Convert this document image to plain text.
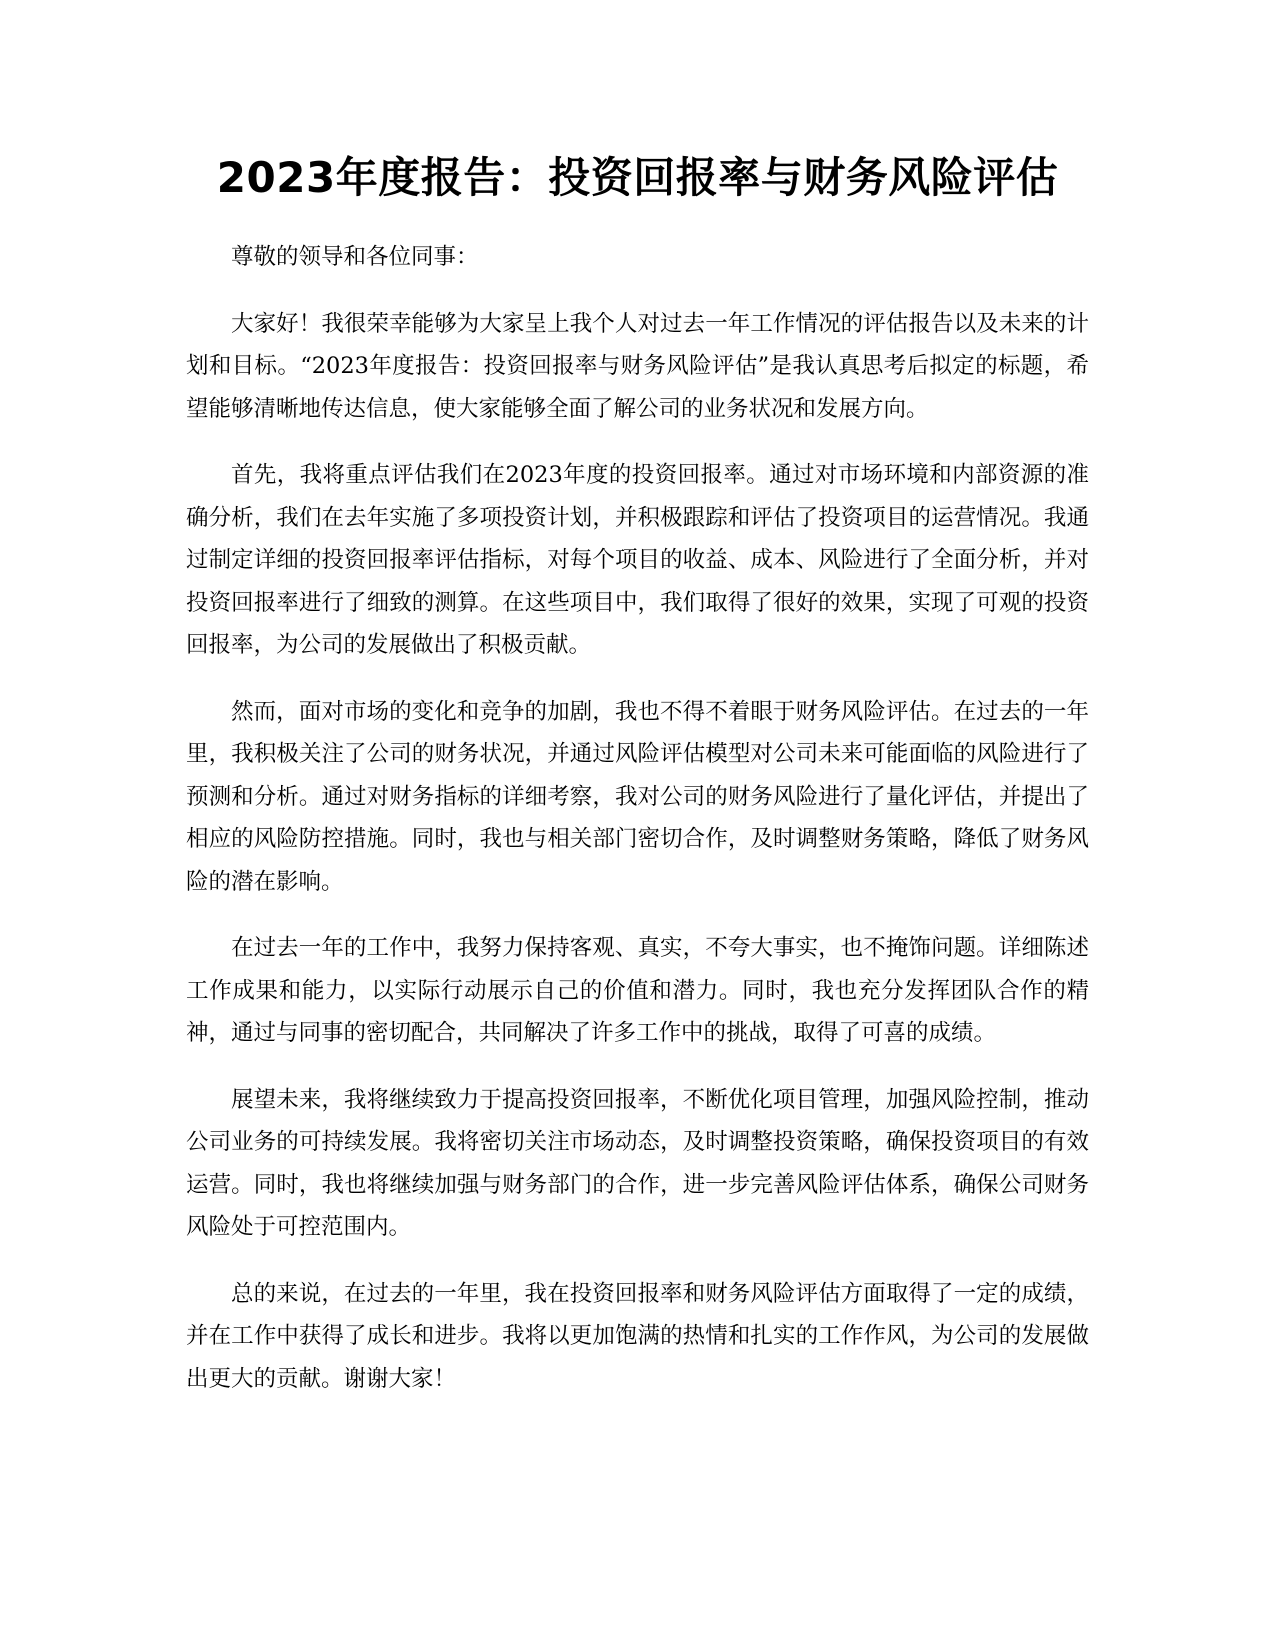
2023年度报告：投资回报率与财务风险评估

尊敬的领导和各位同事：

大家好！我很荣幸能够为大家呈上我个人对过去一年工作情况的评估报告以及未来的计划和目标。“2023年度报告：投资回报率与财务风险评估”是我认真思考后拟定的标题，希望能够清晰地传达信息，使大家能够全面了解公司的业务状况和发展方向。

首先，我将重点评估我们在2023年度的投资回报率。通过对市场环境和内部资源的准确分析，我们在去年实施了多项投资计划，并积极跟踪和评估了投资项目的运营情况。我通过制定详细的投资回报率评估指标，对每个项目的收益、成本、风险进行了全面分析，并对投资回报率进行了细致的测算。在这些项目中，我们取得了很好的效果，实现了可观的投资回报率，为公司的发展做出了积极贡献。

然而，面对市场的变化和竞争的加剧，我也不得不着眼于财务风险评估。在过去的一年里，我积极关注了公司的财务状况，并通过风险评估模型对公司未来可能面临的风险进行了预测和分析。通过对财务指标的详细考察，我对公司的财务风险进行了量化评估，并提出了相应的风险防控措施。同时，我也与相关部门密切合作，及时调整财务策略，降低了财务风险的潜在影响。

在过去一年的工作中，我努力保持客观、真实，不夸大事实，也不掩饰问题。详细陈述工作成果和能力，以实际行动展示自己的价值和潜力。同时，我也充分发挥团队合作的精神，通过与同事的密切配合，共同解决了许多工作中的挑战，取得了可喜的成绩。

展望未来，我将继续致力于提高投资回报率，不断优化项目管理，加强风险控制，推动公司业务的可持续发展。我将密切关注市场动态，及时调整投资策略，确保投资项目的有效运营。同时，我也将继续加强与财务部门的合作，进一步完善风险评估体系，确保公司财务风险处于可控范围内。

总的来说，在过去的一年里，我在投资回报率和财务风险评估方面取得了一定的成绩，并在工作中获得了成长和进步。我将以更加饱满的热情和扎实的工作作风，为公司的发展做出更大的贡献。谢谢大家！
